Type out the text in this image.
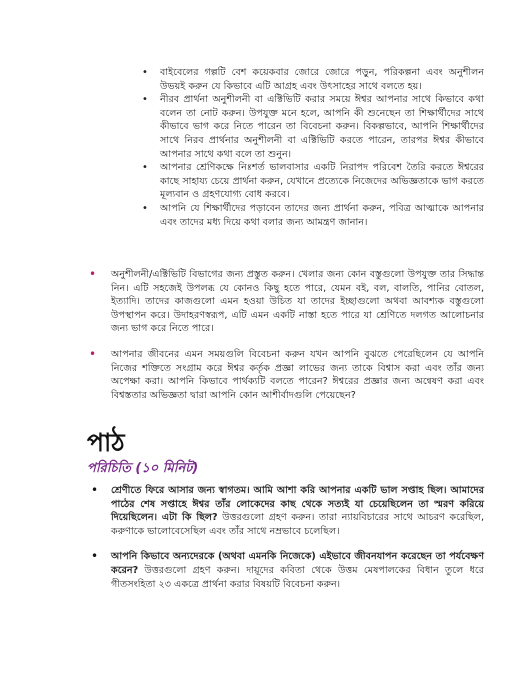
• বাইবেলের গল্পটি বেশ কয়েকবার জোরে জোরে পড়ুন, পরিকল্পনা এবং অনুশীলন উভয়ই করুন যে কিভাবে এটি আগ্রহ এবং উৎসাহের সাথে বলতে হয়।
• নীরব প্রার্থনা অনুশীলনী বা এক্টিভিটি করার সময়ে ঈশ্বর আপনার সাথে কিভাবে কথা বলেন তা নোট করুন। উপযুক্ত মনে হলে, আপনি কী শুনেছেন তা শিক্ষার্থীদের সাথে কীভাবে ভাগ করে নিতে পারেন তা বিবেচনা করুন। বিকল্পভাবে, আপনি শিক্ষার্থীদের সাথে নিরব প্রার্থনার অনুশীলনী বা এক্টিভিটি করতে পারেন, তারপর ঈশ্বর কীভাবে আপনার সাথে কথা বলে তা শুনুন।
• আপনার শ্রেণিকক্ষে নিঃশর্ত ভালবাসার একটি নিরাপদ পরিবেশ তৈরি করতে ঈশ্বরের কাছে সাহায্য চেয়ে প্রার্থনা করুন, যেখানে প্রত্যেকে নিজেদের অভিজ্ঞতাকে ভাগ করতে মূল্যবান ও গ্রহণযোগ্য বোধ করবে।
• আপনি যে শিক্ষার্থীদের পড়াবেন তাদের জন্য প্রার্থনা করুন, পবিত্র আত্মাকে আপনার এবং তাদের মধ্য দিয়ে কথা বলার জন্য আমন্ত্রণ জানান।
• অনুশীলনী/এক্টিভিটি বিভাগের জন্য প্রস্তুত করুন। খেলার জন্য কোন বস্তুগুলো উপযুক্ত তার সিদ্ধান্ত নিন। এটি সহজেই উপলব্ধ যে কোনও কিছু হতে পারে, যেমন বই, বল, বালতি, পানির বোতল, ইত্যাদি। তাদের কাজগুলো এমন হওয়া উচিত যা তাদের ইচ্ছাগুলো অথবা আবশ্যক বস্তুগুলো উপস্থাপন করে। উদাহরণস্বরূপ, এটি এমন একটি নাস্তা হতে পারে যা শ্রেণিতে দলগত আলোচনার জন্য ভাগ করে নিতে পারে।
• আপনার জীবনের এমন সময়গুলি বিবেচনা করুন যখন আপনি বুঝতে পেরেছিলেন যে আপনি নিজের শক্তিতে সংগ্রাম করে ঈশ্বর কর্তৃক প্রজ্ঞা লাভের জন্য তাকে বিশ্বাস করা এবং তাঁর জন্য অপেক্ষা করা। আপনি কিভাবে পার্থক্যটি বলতে পারেন? ঈশ্বরের প্রজ্ঞার জন্য অন্বেষণ করা এবং বিশ্বস্ততার অভিজ্ঞতা দ্বারা আপনি কোন আশীর্বাদগুলি পেয়েছেন?
পাঠ
পরিচিতি (১০ মিনিট)
• শ্রেণীতে ফিরে আসার জন্য স্বাগতম। আমি আশা করি আপনার একটি ভাল সপ্তাহ ছিল। আমাদের পাঠের শেষ সপ্তাহে ঈশ্বর তাঁর লোকেদের কাছ থেকে সত্যই যা চেয়েছিলেন তা স্মরণ করিয়ে দিয়েছিলেন। এটা কি ছিল? উত্তরগুলো গ্রহণ করুন। তারা ন্যায়বিচারের সাথে আচরণ করেছিল, করুণাকে ভালোবেসেছিল এবং তাঁর সাথে নম্রভাবে চলেছিল।
• আপনি কিভাবে অন্যদেরকে (অথবা এমনকি নিজেকে) এইভাবে জীবনযাপন করেছেন তা পর্যবেক্ষণ করেন? উত্তরগুলো গ্রহণ করুন। দায়ূদের কবিতা থেকে উত্তম মেষপালকের বিধান তুলে ধরে গীতসংহিতা ২৩ একত্রে প্রার্থনা করার বিষয়টি বিবেচনা করুন।
